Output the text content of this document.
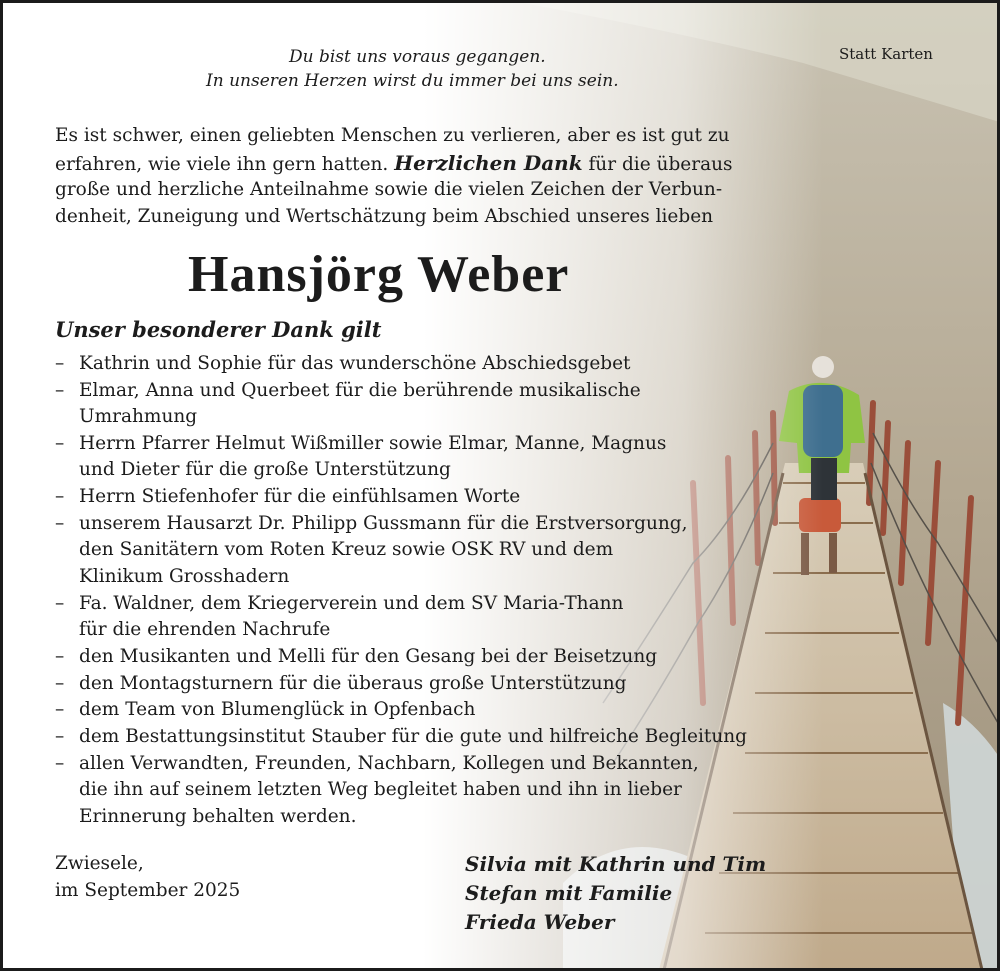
Du bist uns voraus gegangen.

In unseren Herzen wirst du immer bei uns sein.

Statt Karten

Es ist schwer, einen geliebten Menschen zu verlieren, aber es ist gut zu

erfahren, wie viele ihn gern hatten. Herzlichen Dank für die überaus

große und herzliche Anteilnahme sowie die vielen Zeichen der Verbun-

denheit, Zuneigung und Wertschätzung beim Abschied unseres lieben

Hansjörg Weber

Unser besonderer Dank gilt

– Kathrin und Sophie für das wunderschöne Abschiedsgebet

– Elmar, Anna und Querbeet für die berührende musikalische

Umrahmung

– Herrn Pfarrer Helmut Wißmiller sowie Elmar, Manne, Magnus

und Dieter für die große Unterstützung

– Herrn Stiefenhofer für die einfühlsamen Worte

– unserem Hausarzt Dr. Philipp Gussmann für die Erstversorgung,

den Sanitätern vom Roten Kreuz sowie OSK RV und dem

Klinikum Grosshadern

– Fa. Waldner, dem Kriegerverein und dem SV Maria-Thann

für die ehrenden Nachrufe

– den Musikanten und Melli für den Gesang bei der Beisetzung

– den Montagsturnern für die überaus große Unterstützung

– dem Team von Blumenglück in Opfenbach

– dem Bestattungsinstitut Stauber für die gute und hilfreiche Begleitung

– allen Verwandten, Freunden, Nachbarn, Kollegen und Bekannten,

die ihn auf seinem letzten Weg begleitet haben und ihn in lieber

Erinnerung behalten werden.

Zwiesele,

im September 2025

Silvia mit Kathrin und Tim

Stefan mit Familie

Frieda Weber
